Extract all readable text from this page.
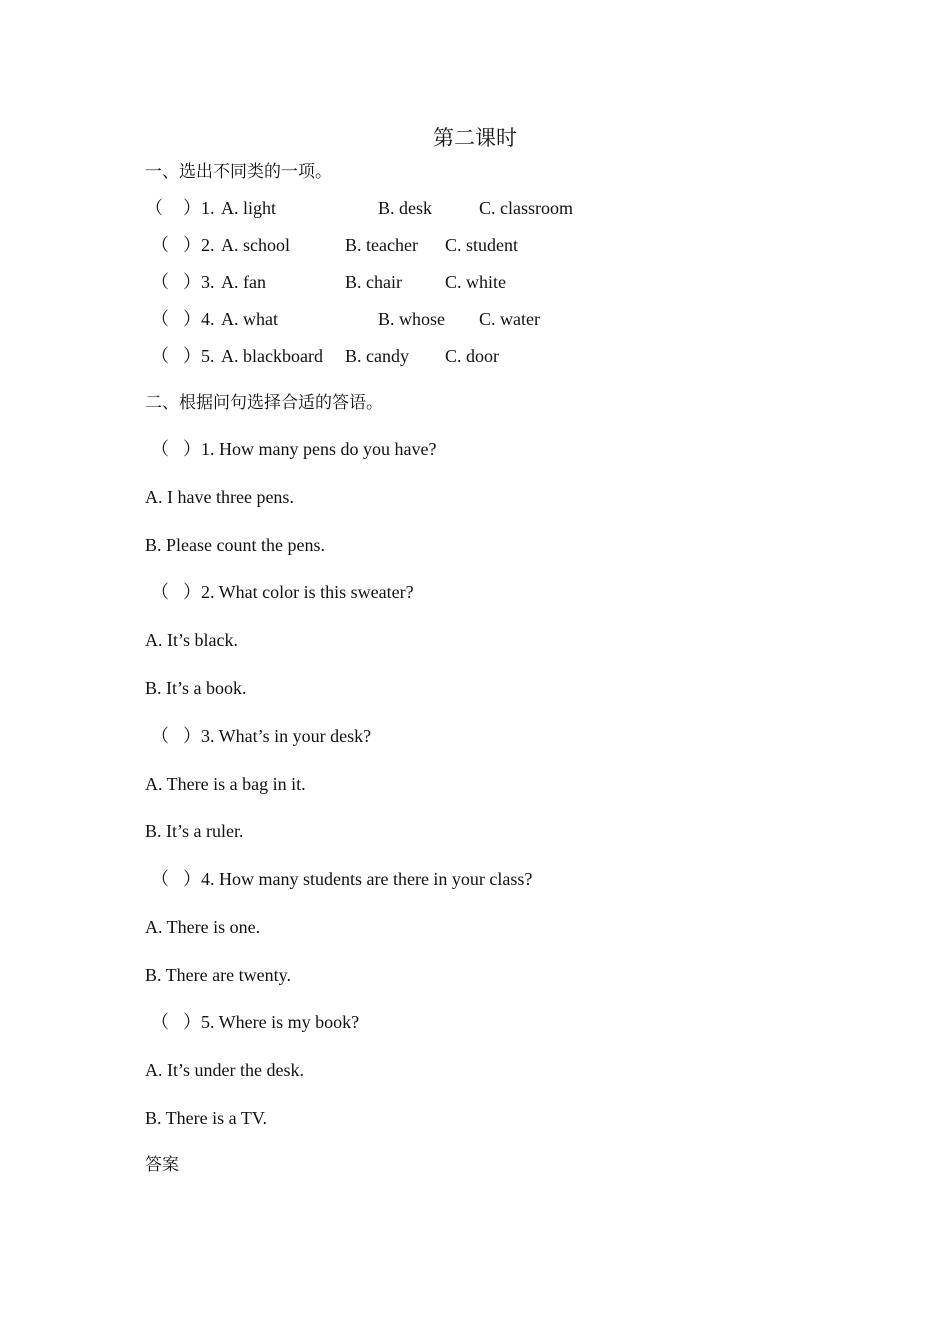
第二课时
一、选出不同类的一项。
（ ） 1. A. light	B. desk	C. classroom
（ ） 2. A. school	B. teacher C. student
（ ） 3. A. fan	B. chair C. white
（ ） 4. A. what	B. whose C. water
（ ） 5. A. blackboard B. candy C. door
二、根据问句选择合适的答语。
（ ） 1. How many pens do you have?
A. I have three pens.
B. Please count the pens.
（ ） 2. What color is this sweater?
A. It’s black.
B. It’s a book.
（ ） 3. What’s in your desk?
A. There is a bag in it.
B. It’s a ruler.
（ ） 4. How many students are there in your class?
A. There is one.
B. There are twenty.
（ ） 5. Where is my book?
A. It’s under the desk.
B. There is a TV.
答案
